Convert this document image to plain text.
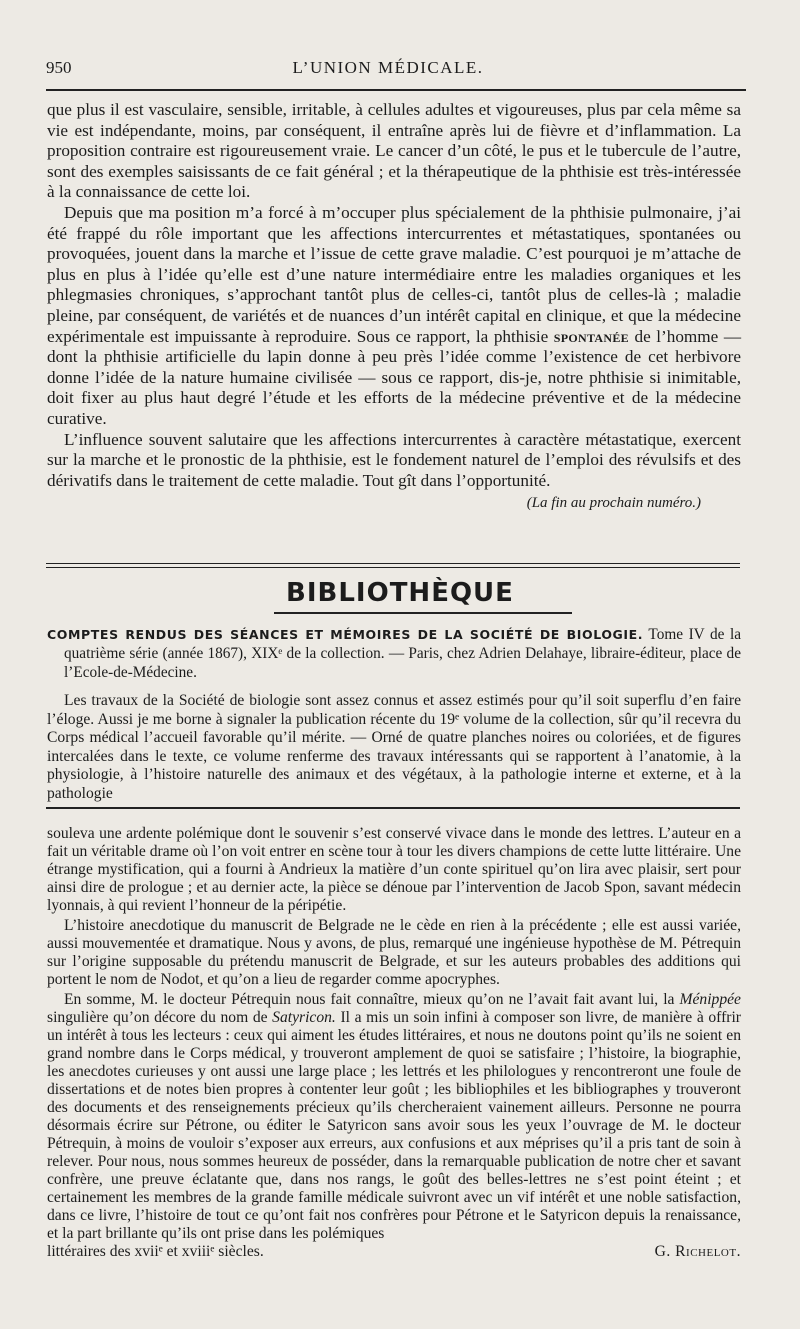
950	L’UNION MÉDICALE.

que plus il est vasculaire, sensible, irritable, à cellules adultes et vigoureuses, plus par cela même sa vie est indépendante, moins, par conséquent, il entraîne après lui de fièvre et d’inflammation. La proposition contraire est rigoureusement vraie. Le cancer d’un côté, le pus et le tubercule de l’autre, sont des exemples saisissants de ce fait général ; et la thérapeutique de la phthisie est très-intéressée à la connaissance de cette loi.

Depuis que ma position m’a forcé à m’occuper plus spécialement de la phthisie pulmonaire, j’ai été frappé du rôle important que les affections intercurrentes et métastatiques, spontanées ou provoquées, jouent dans la marche et l’issue de cette grave maladie. C’est pourquoi je m’attache de plus en plus à l’idée qu’elle est d’une nature intermédiaire entre les maladies organiques et les phlegmasies chroniques, s’approchant tantôt plus de celles-ci, tantôt plus de celles-là ; maladie pleine, par conséquent, de variétés et de nuances d’un intérêt capital en clinique, et que la médecine expérimentale est impuissante à reproduire. Sous ce rapport, la phthisie spontanée de l’homme — dont la phthisie artificielle du lapin donne à peu près l’idée comme l’existence de cet herbivore donne l’idée de la nature humaine civilisée — sous ce rapport, dis-je, notre phthisie si inimitable, doit fixer au plus haut degré l’étude et les efforts de la médecine préventive et de la médecine curative.

L’influence souvent salutaire que les affections intercurrentes à caractère métastatique, exercent sur la marche et le pronostic de la phthisie, est le fondement naturel de l’emploi des révulsifs et des dérivatifs dans le traitement de cette maladie. Tout gît dans l’opportunité.

(La fin au prochain numéro.)
BIBLIOTHÈQUE

COMPTES RENDUS DES SÉANCES ET MÉMOIRES DE LA SOCIÉTÉ DE BIOLOGIE. Tome IV de la quatrième série (année 1867), XIXᵉ de la collection. — Paris, chez Adrien Delahaye, libraire-éditeur, place de l’Ecole-de-Médecine.

Les travaux de la Société de biologie sont assez connus et assez estimés pour qu’il soit superflu d’en faire l’éloge. Aussi je me borne à signaler la publication récente du 19ᵉ volume de la collection, sûr qu’il recevra du Corps médical l’accueil favorable qu’il mérite. — Orné de quatre planches noires ou coloriées, et de figures intercalées dans le texte, ce volume renferme des travaux intéressants qui se rapportent à l’anatomie, à la physiologie, à l’histoire naturelle des animaux et des végétaux, à la pathologie interne et externe, et à la pathologie

souleva une ardente polémique dont le souvenir s’est conservé vivace dans le monde des lettres. L’auteur en a fait un véritable drame où l’on voit entrer en scène tour à tour les divers champions de cette lutte littéraire. Une étrange mystification, qui a fourni à Andrieux la matière d’un conte spirituel qu’on lira avec plaisir, sert pour ainsi dire de prologue ; et au dernier acte, la pièce se dénoue par l’intervention de Jacob Spon, savant médecin lyonnais, à qui revient l’honneur de la péripétie.

L’histoire anecdotique du manuscrit de Belgrade ne le cède en rien à la précédente ; elle est aussi variée, aussi mouvementée et dramatique. Nous y avons, de plus, remarqué une ingénieuse hypothèse de M. Pétrequin sur l’origine supposable du prétendu manuscrit de Belgrade, et sur les auteurs probables des additions qui portent le nom de Nodot, et qu’on a lieu de regarder comme apocryphes.

En somme, M. le docteur Pétrequin nous fait connaître, mieux qu’on ne l’avait fait avant lui, la Ménippée singulière qu’on décore du nom de Satyricon. Il a mis un soin infini à composer son livre, de manière à offrir un intérêt à tous les lecteurs : ceux qui aiment les études littéraires, et nous ne doutons point qu’ils ne soient en grand nombre dans le Corps médical, y trouveront amplement de quoi se satisfaire ; l’histoire, la biographie, les anecdotes curieuses y ont aussi une large place ; les lettrés et les philologues y rencontreront une foule de dissertations et de notes bien propres à contenter leur goût ; les bibliophiles et les bibliographes y trouveront des documents et des renseignements précieux qu’ils chercheraient vainement ailleurs. Personne ne pourra désormais écrire sur Pétrone, ou éditer le Satyricon sans avoir sous les yeux l’ouvrage de M. le docteur Pétrequin, à moins de vouloir s’exposer aux erreurs, aux confusions et aux méprises qu’il a pris tant de soin à relever. Pour nous, nous sommes heureux de posséder, dans la remarquable publication de notre cher et savant confrère, une preuve éclatante que, dans nos rangs, le goût des belles-lettres ne s’est point éteint ; et certainement les membres de la grande famille médicale suivront avec un vif intérêt et une noble satisfaction, dans ce livre, l’histoire de tout ce qu’ont fait nos confrères pour Pétrone et le Satyricon depuis la renaissance, et la part brillante qu’ils ont prise dans les polémiques

littéraires des xviiᵉ et xviiiᵉ siècles.	G. Richelot.
